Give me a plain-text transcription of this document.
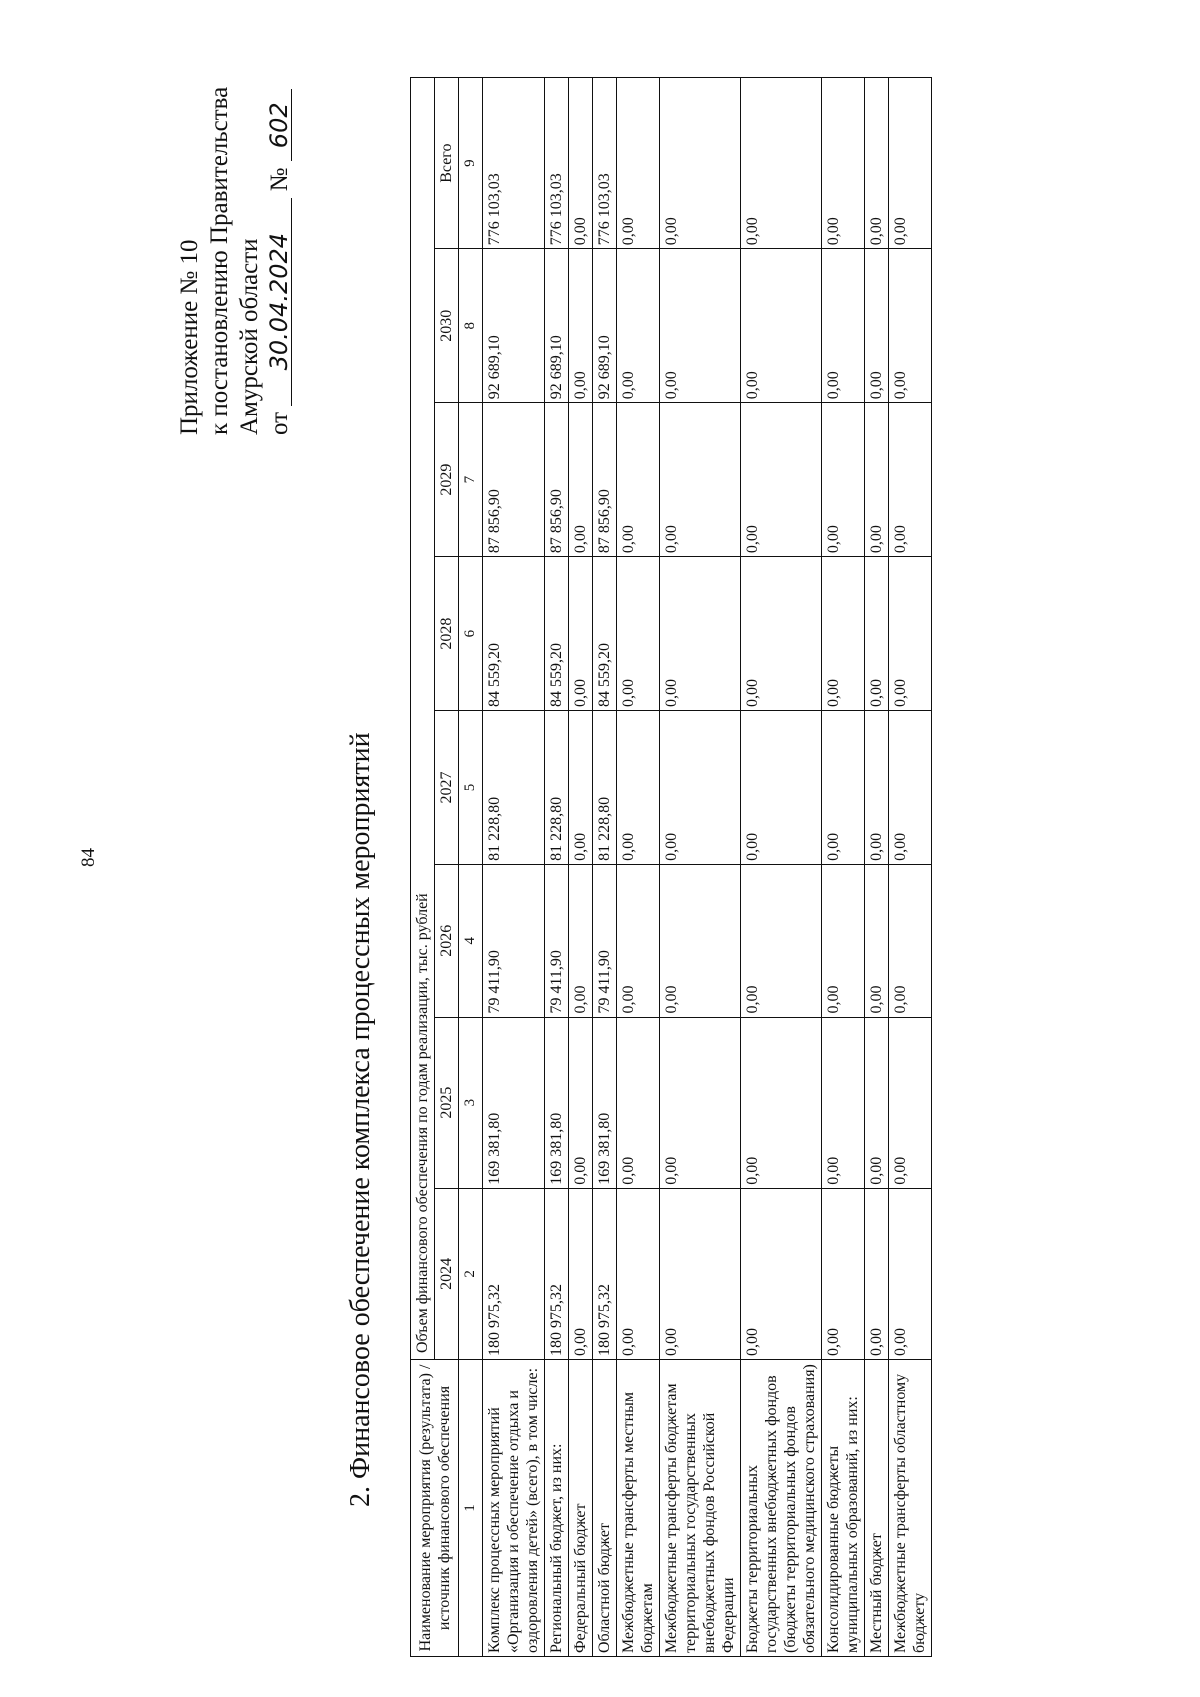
84
Приложение № 10 к постановлению Правительства Амурской области от 30.04.2024 № 602
2. Финансовое обеспечение комплекса процессных мероприятий
Наименование мероприятия (результата) / источник финансового обеспечения	Объем финансового обеспечения по годам реализации, тыс. рублей							
	2024	2025	2026	2027	2028	2029	2030	Всего
1	2	3	4	5	6	7	8	9
Комплекс процессных мероприятий «Организация и обеспечение отдыха и оздоровления детей» (всего), в том числе:	180 975,32	169 381,80	79 411,90	81 228,80	84 559,20	87 856,90	92 689,10	776 103,03
Региональный бюджет, из них:	180 975,32	169 381,80	79 411,90	81 228,80	84 559,20	87 856,90	92 689,10	776 103,03
Федеральный бюджет	0,00	0,00	0,00	0,00	0,00	0,00	0,00	0,00
Областной бюджет	180 975,32	169 381,80	79 411,90	81 228,80	84 559,20	87 856,90	92 689,10	776 103,03
Межбюджетные трансферты местным бюджетам	0,00	0,00	0,00	0,00	0,00	0,00	0,00	0,00
Межбюджетные трансферты бюджетам территориальных государственных внебюджетных фондов Российской Федерации	0,00	0,00	0,00	0,00	0,00	0,00	0,00	0,00
Бюджеты территориальных государственных внебюджетных фондов (бюджеты территориальных фондов обязательного медицинского страхования)	0,00	0,00	0,00	0,00	0,00	0,00	0,00	0,00
Консолидированные бюджеты муниципальных образований, из них:	0,00	0,00	0,00	0,00	0,00	0,00	0,00	0,00
Местный бюджет	0,00	0,00	0,00	0,00	0,00	0,00	0,00	0,00
Межбюджетные трансферты областному бюджету	0,00	0,00	0,00	0,00	0,00	0,00	0,00	0,00
